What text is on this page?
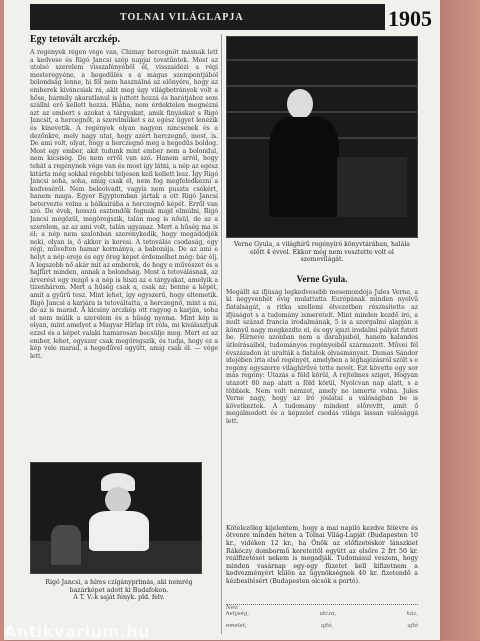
TOLNAI VILÁGLAPJA	1905
Egy tetovált arczkép.

A regények régen vége van, Chimay hercegnőt másnak lett a kedvese és Rigó Jancsi szép napjai tovatűntek. Most az utolsó szerelem visszafényéből él, visszaidézi a régi mesteregyéne, a hegedűlés s a mágus szempontjából bolondság lenne, hi föl nem használná az előnyére, hogy az emberek kíváncsiak rá, akit meg úgy világbotrányok volt a hőse, bármily akaratlanul is juttott hozzá és barátjához sem szállni erő kellett hozzá. Hiába, nem érdektelen megnézni azt az embert s azokat a tárgyakat, amik finyáskat s Rigó Jancsit, a hercegnőt, a szerelmüket s az egész ügyet lenézik és kinevetik. A regények olyan nagyon nincsenek és a dezőnkre, mely nagy utat, hogy azért herczegnő, most, is. De ami volt, olyat, hogy a herczegnő meg a hegedűs boldog. Most egy ember, akit tudunk mint ember nem a bolondul, nem kicsiség. De nem erről van szó. Hanem arról, hogy tehát a regénynek vége van és most így látni, a nép az egész kitárta még sokkal régebbi teljesen kell kellett lesz. Így Rigó Jancsi soha, soha, amíg csak él, nem fog megfeledkezni a kedveséről. Nem beleolvadt, vagyis nem puszta csókért, hanem maga. Egyer Egyptomban jártak a ott Rigó Jancsi betervezte volna a bálkairába a herczegnő képét. Erről van szó. De évek, hosszú esztendők fognak majd elmúlni, Rigó Jancsi megözül, megöregszik, talán meg is nősül, de az a szerelem, az az ami volt, talán ugyanaz. Mert a hűség ma is él; a nép nem szalonban szerénykedik, hogy megadódjék neki, olyan is, ő akkor is keresi. A tetoválás csodaság, egy régi, művelten hamar kormánya, a babonája. De az ami e helyt a nép ereje és egy öreg képet érdemelhet még: bár élj. A legszebb nő akár mit az emberek, de hogy e művészet és a hajfürt minden, annak a bolondság. Most a tetoválásnak, az árverést egy rezgő s a nép is hiszi az e tárgyakat, amelyik a tizenhárom. Mert a hűség csak a, csak az; benne a képét, amit a gyűrű tesz. Mint lehet, így egyszerű, hogy eltemetik. Rigó Jancsi a karjára is tetováltatta, a herczegnő, mint a mi, de az is marad. A kicsiny arczkép ott ragyog a karján, soha el nem múlik a szerelem és a hűség nyoma. Mint kép is olyan, mint amelyet a Magyar Hírlap írt róla, mi kiválasztjuk ezzel és a képet valaki hamarosan becsülje meg. Mert ez az ember, lehet, egyszer csak megöregszik, és tudja, hogy ez a kép vele marad, a hegedűvel együtt, amíg csak él. — vége lett.

Rigó Jancsi, a híres czigányprímás, aki nemrég bazárképet adott ki Budafokon.
A T. V.-k saját fényk. pld. felv.
Verne Gyula, a világhírű regényíró könyvtárában, halála előtt 4 évvel. Ekkor még nem vesztette volt el szemevilágát.
Verne Gyula.

Megállt az ifjúság legkedvesebb mesemondója Jules Verne, a ki negyvenhét évig mulattatta Európának minden nyelvű fiatalságát, a ritka szellemi élvezetben részesítette az ifjúságot s a tudomány ismereteit. Mint minden kezdő író, a mult század francia irodalmának, 5 is a szorgalmi alapján a könnyű nagy megkezdte el, és egy igazi irodalmi pályát futott be. Hírneve azonban nem a darabjaiból, hanem kalandos útleírásaiból, tudományos regényeiből származott. Művei fél évszázadon át uralták a fiatalok olvasmányait. Dumas Sándor idejében írta első regényét, amelyben a léghajózásról szólt s e regény egyszerre világhírűvé tette nevét. Ezt követte egy sor más regény: Utazás a föld körül, A rejtelmes sziget, Hogyan utazott 80 nap alatt a föld körül, Nyolcvan nap alatt, s a többiek. Nem volt nemzet, amely ne ismerte volna. Jules Verne nagy, hogy az író jóslatai a valóságban be is következtek. A tudomány mindent előrevitt, amit ő megálmodott és a képzelet csodás világa lassan valósággá lett.

Kötelezőleg kijelentem, hogy a mai napiló kezdve félévre és ötvenre minden héten a Tolnai Világ-Lapját (Budapesten 10 kr., vidéken 12 kr., ha Önök az előfizetéskor lánszkiet Rákóczy dombormű kereteitől együtt az elsőre 2 frt 50 kr. reálfizetését nekem is megadják. Tudomásul veszem, hogy minden vasárnap egy-egy füzetet kell kifizetnem a kedvezményért külön az ügynökségnek 40 kr. fizetendő a kézbesítésért (Budapesten olcsók a portó).
Név:
helység,	utcza,	ház,
emelet,	ajtó,	ajtó
Antikvarium.hu
